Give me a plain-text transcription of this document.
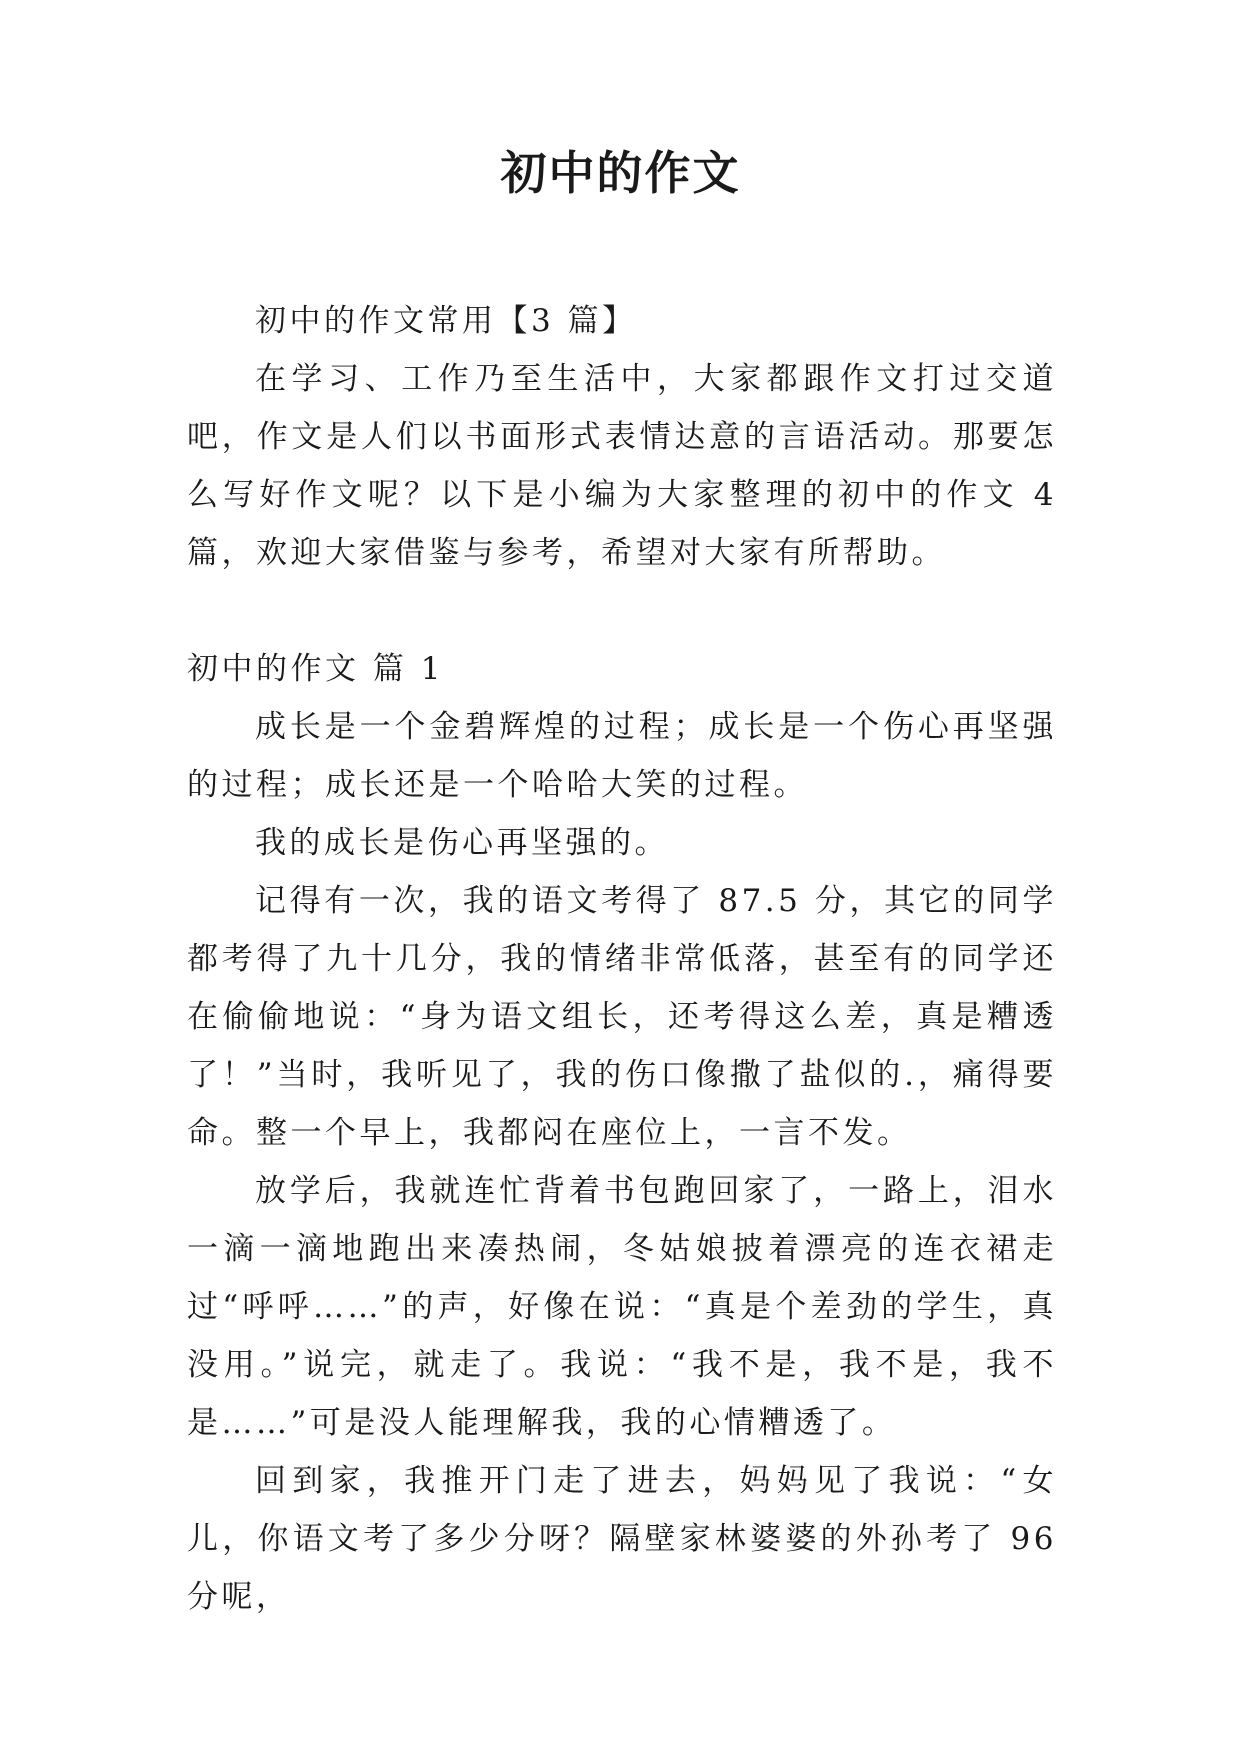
初中的作文

初中的作文常用【3 篇】

在学习、工作乃至生活中，大家都跟作文打过交道吧，作文是人们以书面形式表情达意的言语活动。那要怎么写好作文呢？以下是小编为大家整理的初中的作文 4 篇，欢迎大家借鉴与参考，希望对大家有所帮助。

初中的作文 篇 1

成长是一个金碧辉煌的过程；成长是一个伤心再坚强的过程；成长还是一个哈哈大笑的过程。

我的成长是伤心再坚强的。

记得有一次，我的语文考得了 87.5 分，其它的同学都考得了九十几分，我的情绪非常低落，甚至有的同学还在偷偷地说：“身为语文组长，还考得这么差，真是糟透了！”当时，我听见了，我的伤口像撒了盐似的.，痛得要命。整一个早上，我都闷在座位上，一言不发。

放学后，我就连忙背着书包跑回家了，一路上，泪水一滴一滴地跑出来凑热闹，冬姑娘披着漂亮的连衣裙走过“呼呼……”的声，好像在说：“真是个差劲的学生，真没用。”说完，就走了。我说：“我不是，我不是，我不是……”可是没人能理解我，我的心情糟透了。

回到家，我推开门走了进去，妈妈见了我说：“女儿，你语文考了多少分呀？隔壁家林婆婆的外孙考了 96 分呢，
